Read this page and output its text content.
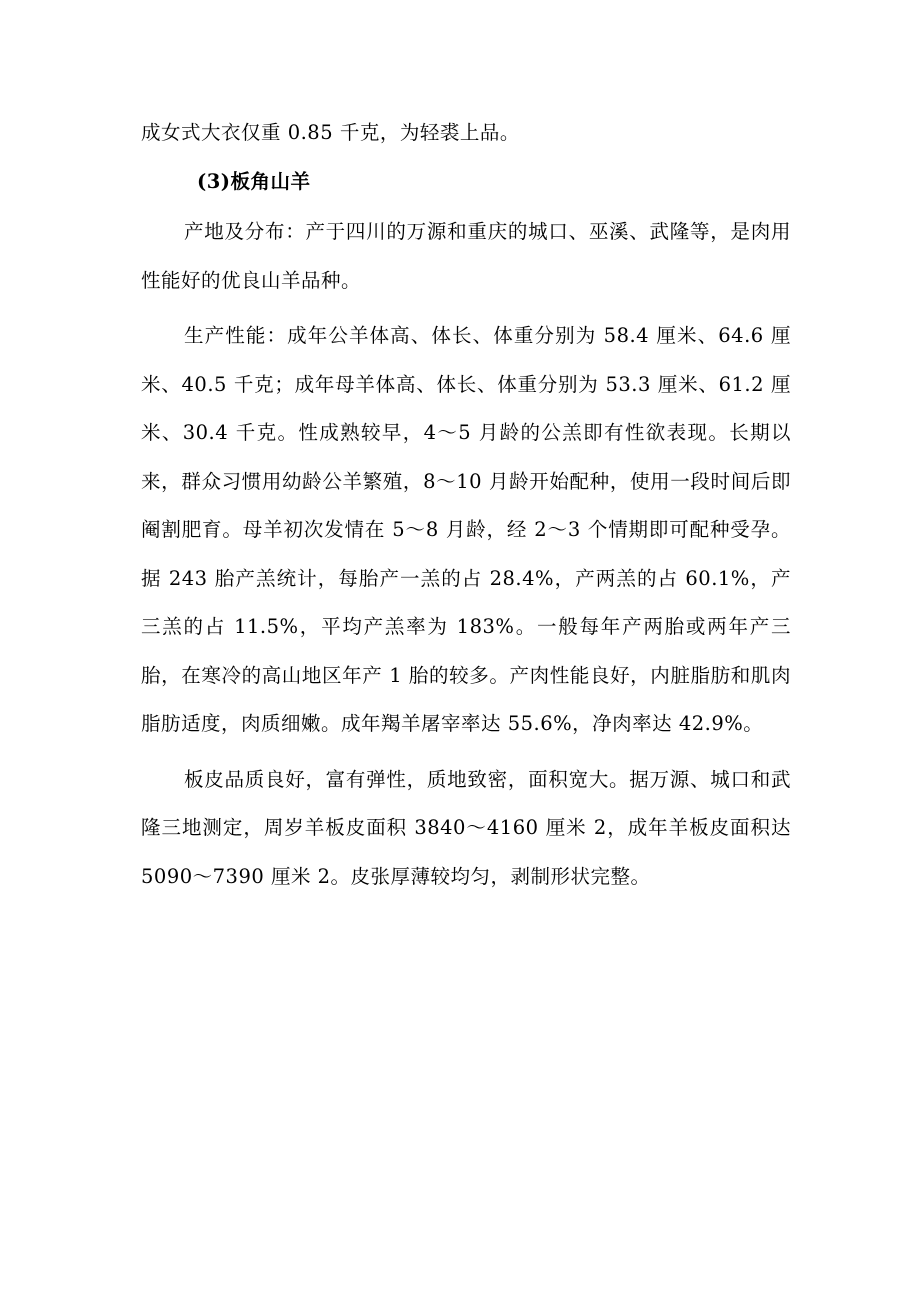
成女式大衣仅重 0.85 千克，为轻裘上品。

(3)板角山羊

产地及分布：产于四川的万源和重庆的城口、巫溪、武隆等，是肉用性能好的优良山羊品种。

生产性能：成年公羊体高、体长、体重分别为 58.4 厘米、64.6 厘米、40.5 千克；成年母羊体高、体长、体重分别为 53.3 厘米、61.2 厘米、30.4 千克。性成熟较早，4～5 月龄的公羔即有性欲表现。长期以来，群众习惯用幼龄公羊繁殖，8～10 月龄开始配种，使用一段时间后即阉割肥育。母羊初次发情在 5～8 月龄，经 2～3 个情期即可配种受孕。据 243 胎产羔统计，每胎产一羔的占 28.4%，产两羔的占 60.1%，产三羔的占 11.5%，平均产羔率为 183%。一般每年产两胎或两年产三胎，在寒冷的高山地区年产 1 胎的较多。产肉性能良好，内脏脂肪和肌肉脂肪适度，肉质细嫩。成年羯羊屠宰率达 55.6%，净肉率达 42.9%。

板皮品质良好，富有弹性，质地致密，面积宽大。据万源、城口和武隆三地测定，周岁羊板皮面积 3840～4160 厘米 2，成年羊板皮面积达 5090～7390 厘米 2。皮张厚薄较均匀，剥制形状完整。
